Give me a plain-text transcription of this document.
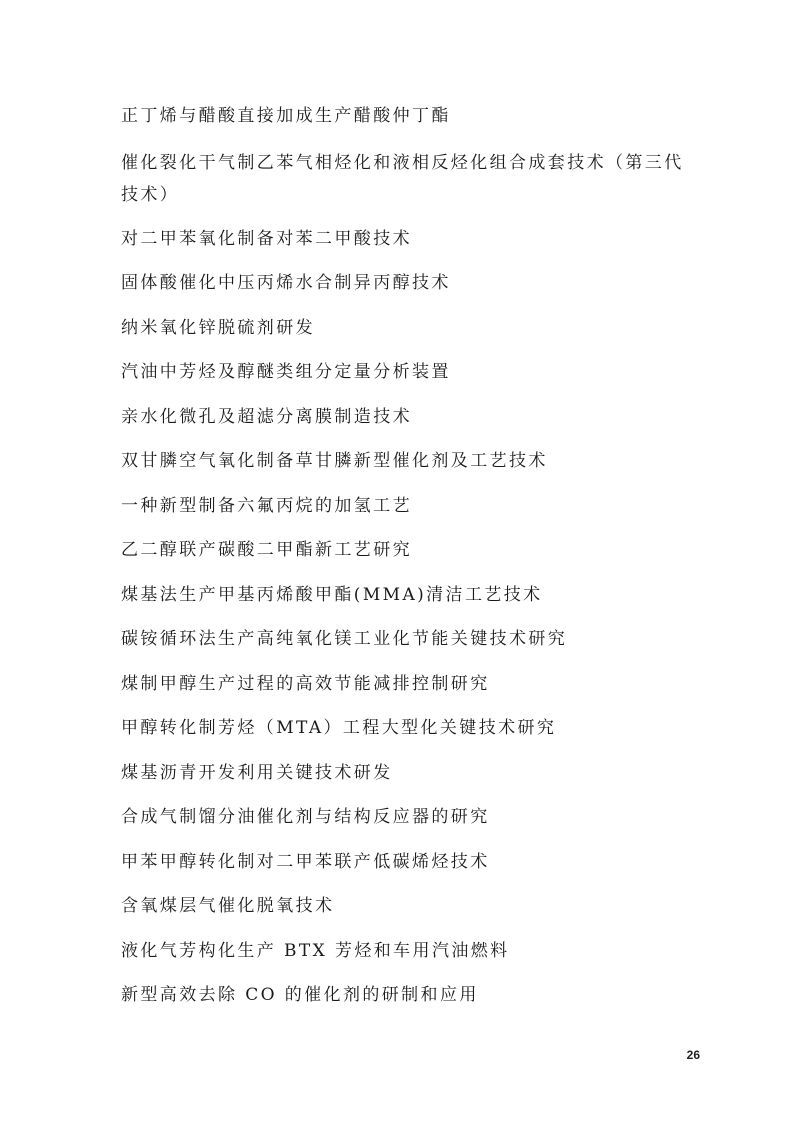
正丁烯与醋酸直接加成生产醋酸仲丁酯
催化裂化干气制乙苯气相烃化和液相反烃化组合成套技术（第三代技术）
对二甲苯氧化制备对苯二甲酸技术
固体酸催化中压丙烯水合制异丙醇技术
纳米氧化锌脱硫剂研发
汽油中芳烃及醇醚类组分定量分析装置
亲水化微孔及超滤分离膜制造技术
双甘膦空气氧化制备草甘膦新型催化剂及工艺技术
一种新型制备六氟丙烷的加氢工艺
乙二醇联产碳酸二甲酯新工艺研究
煤基法生产甲基丙烯酸甲酯(MMA)清洁工艺技术
碳铵循环法生产高纯氧化镁工业化节能关键技术研究
煤制甲醇生产过程的高效节能减排控制研究
甲醇转化制芳烃（MTA）工程大型化关键技术研究
煤基沥青开发利用关键技术研发
合成气制馏分油催化剂与结构反应器的研究
甲苯甲醇转化制对二甲苯联产低碳烯烃技术
含氧煤层气催化脱氧技术
液化气芳构化生产 BTX 芳烃和车用汽油燃料
新型高效去除 CO 的催化剂的研制和应用
26
